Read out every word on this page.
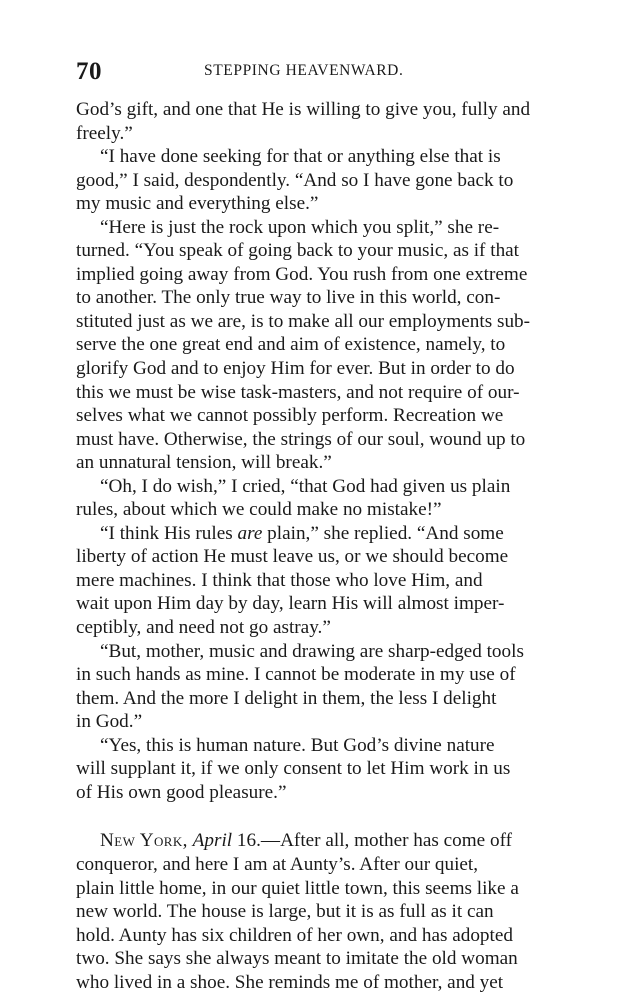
70	STEPPING HEAVENWARD.
God’s gift, and one that He is willing to give you, fully and
freely.”
“I have done seeking for that or anything else that is
good,” I said, despondently. “And so I have gone back to
my music and everything else.”
“Here is just the rock upon which you split,” she re-
turned. “You speak of going back to your music, as if that
implied going away from God. You rush from one extreme
to another. The only true way to live in this world, con-
stituted just as we are, is to make all our employments sub-
serve the one great end and aim of existence, namely, to
glorify God and to enjoy Him for ever. But in order to do
this we must be wise task-masters, and not require of our-
selves what we cannot possibly perform. Recreation we
must have. Otherwise, the strings of our soul, wound up to
an unnatural tension, will break.”
“Oh, I do wish,” I cried, “that God had given us plain
rules, about which we could make no mistake!”
“I think His rules are plain,” she replied. “And some
liberty of action He must leave us, or we should become
mere machines. I think that those who love Him, and
wait upon Him day by day, learn His will almost imper-
ceptibly, and need not go astray.”
“But, mother, music and drawing are sharp-edged tools
in such hands as mine. I cannot be moderate in my use of
them. And the more I delight in them, the less I delight
in God.”
“Yes, this is human nature. But God’s divine nature
will supplant it, if we only consent to let Him work in us
of His own good pleasure.”
New York, April 16.—After all, mother has come off
conqueror, and here I am at Aunty’s. After our quiet,
plain little home, in our quiet little town, this seems like a
new world. The house is large, but it is as full as it can
hold. Aunty has six children of her own, and has adopted
two. She says she always meant to imitate the old woman
who lived in a shoe. She reminds me of mother, and yet
